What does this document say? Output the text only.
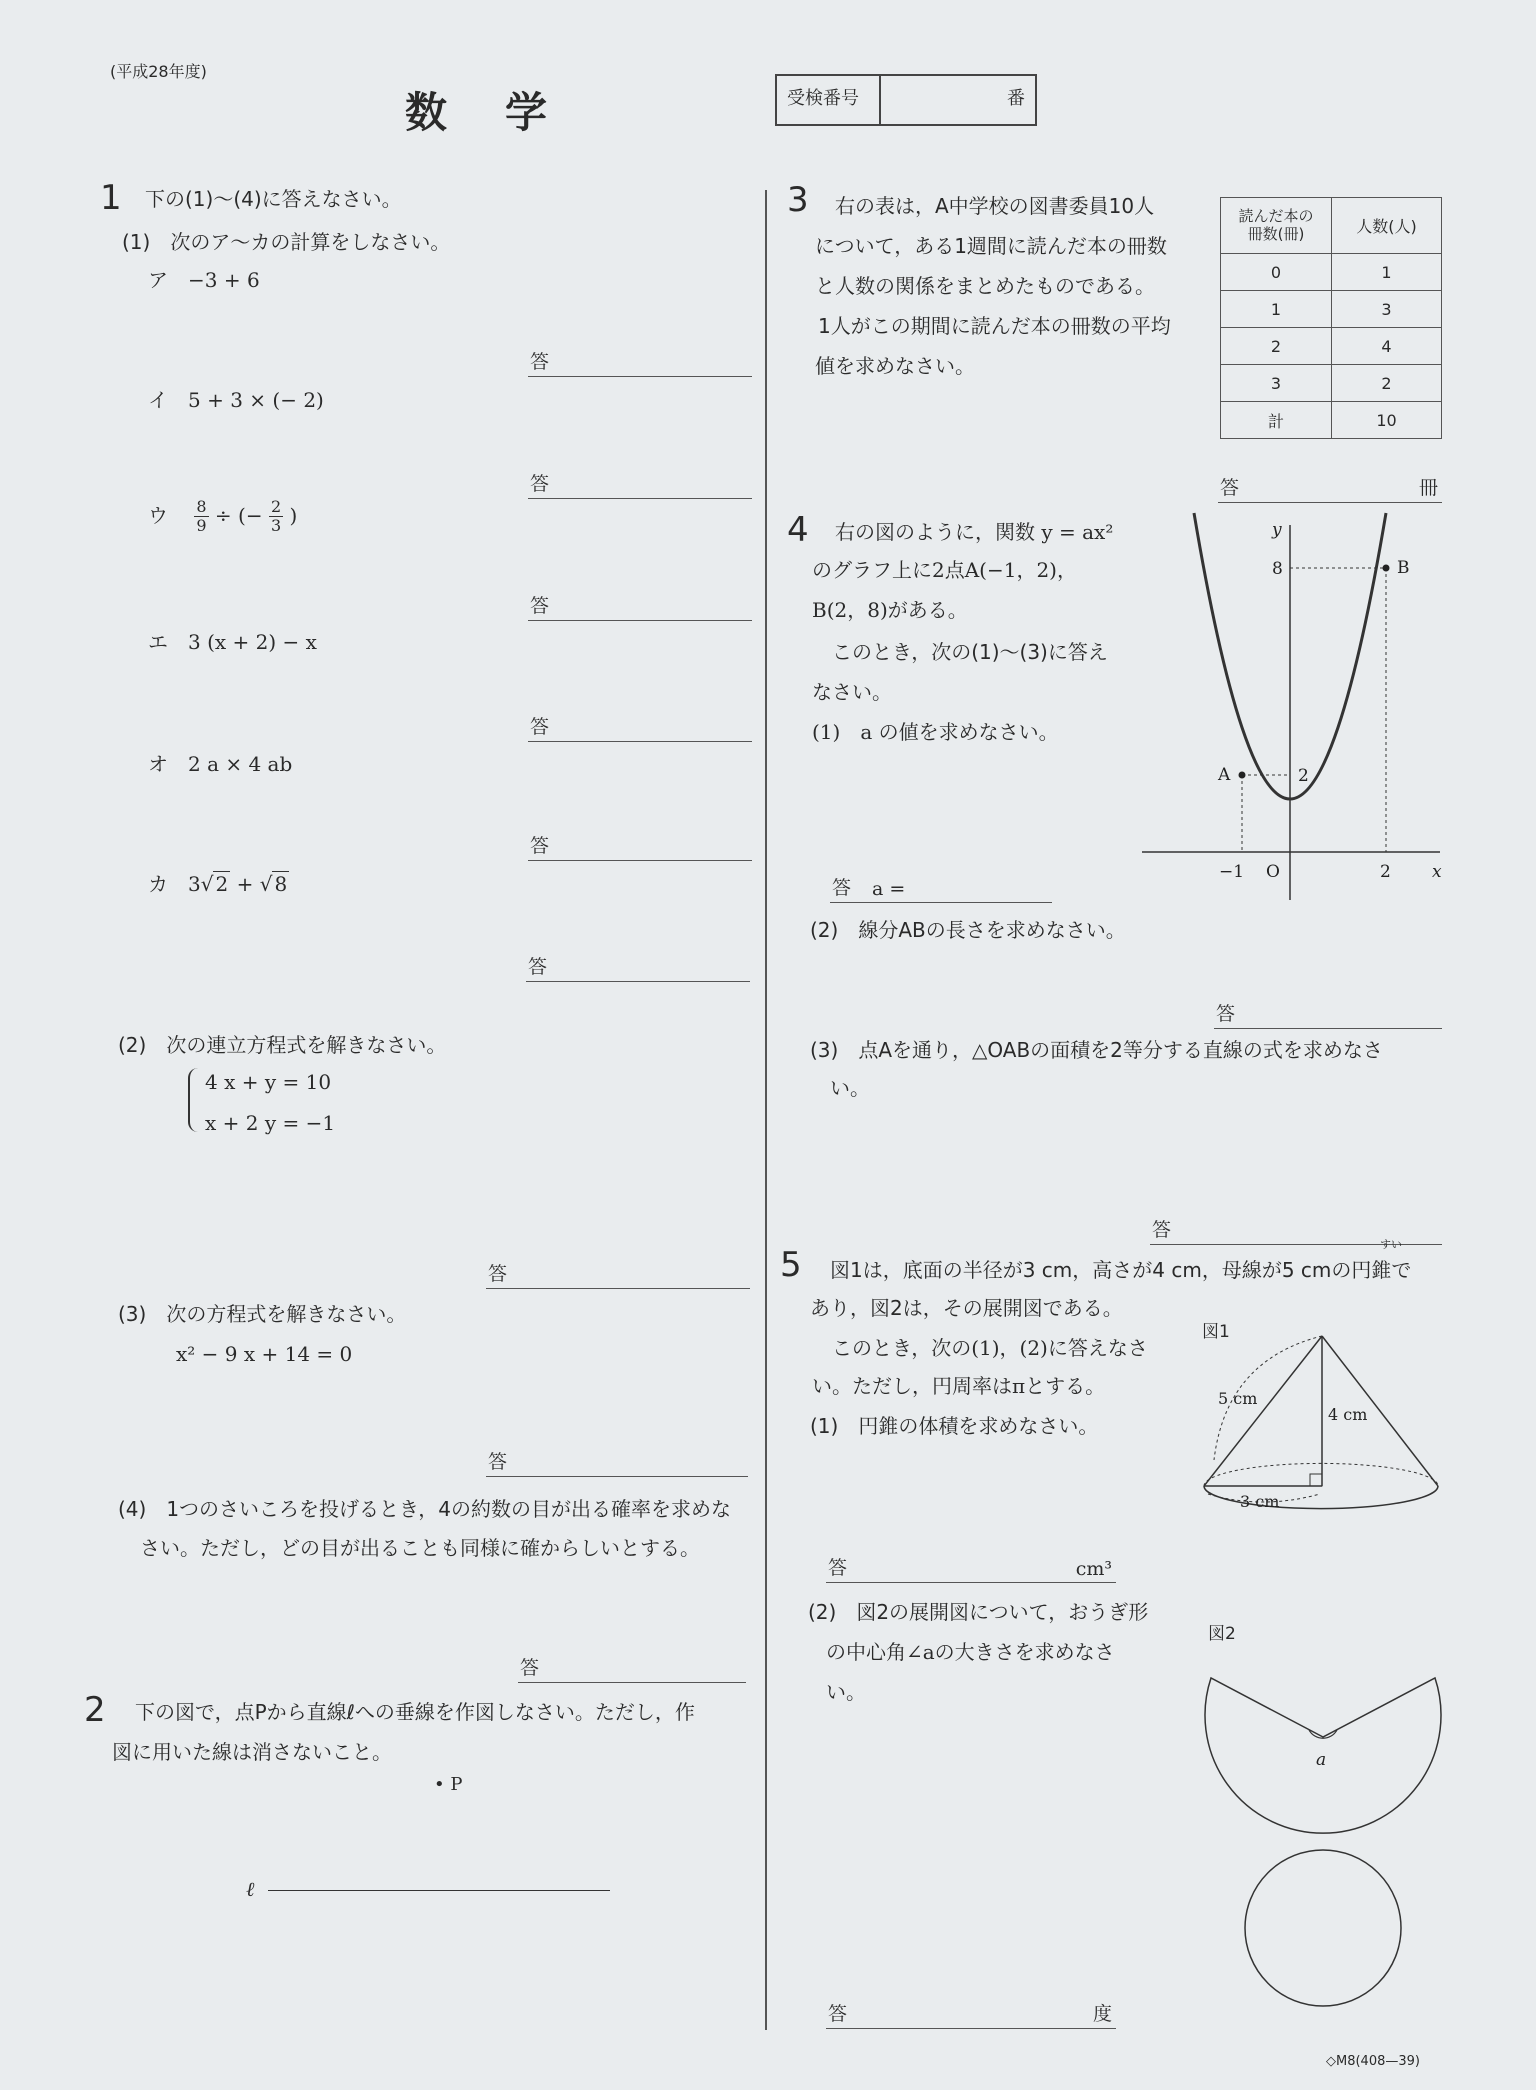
(平成28年度)
数　学	受検番号	番
1 下の(1)～(4)に答えなさい。
(1)　次のア～カの計算をしなさい。
ア　 −3 + 6
答
イ　 5 + 3 × (− 2)
答
ウ　 $\frac{8}{9}$ ÷ (− $\frac{2}{3}$ )
答
エ　 3 (x + 2) − x
答
オ　 2 a × 4 ab
答
カ　 3√ 2 + √ 8
答
(2)　次の連立方程式を解きなさい。
4 x + y = 10
x + 2 y = −1
答
(3)　次の方程式を解きなさい。
x² − 9 x + 14 = 0
答
(4)　1つのさいころを投げるとき，4の約数の目が出る確率を求めな
さい。ただし，どの目が出ることも同様に確からしいとする。
答
2 下の図で，点Pから直線ℓへの垂線を作図しなさい。ただし，作
図に用いた線は消さないこと。
• P
ℓ
3 右の表は，A中学校の図書委員10人
について，ある1週間に読んだ本の冊数
と人数の関係をまとめたものである。
1人がこの期間に読んだ本の冊数の平均
値を求めなさい。
読んだ本の
冊数(冊)	人数(人)
0	1
1	3
2	4
3	2
計	10
答	冊
4 右の図のように，関数 y = ax²
のグラフ上に2点A(−1，2)，
B(2，8)がある。
　このとき，次の(1)～(3)に答え
なさい。
(1)　a の値を求めなさい。
答 a =
(2)　線分ABの長さを求めなさい。
答
(3)　点Aを通り，△OABの面積を2等分する直線の式を求めなさ
い。
答
y
x
O
A
B
8
2
−1	2
5
すい
図1は，底面の半径が3 cm，高さが4 cm，母線が5 cmの円錐で
あり，図2は，その展開図である。
　このとき，次の(1)，(2)に答えなさ
い。ただし，円周率はπとする。
(1)　円錐の体積を求めなさい。
答	cm³
(2)　図2の展開図について，おうぎ形
の中心角∠aの大きさを求めなさ
い。
答	度
図1
5 cm
4 cm
3 cm
図2
a
◇M8(408—39)
